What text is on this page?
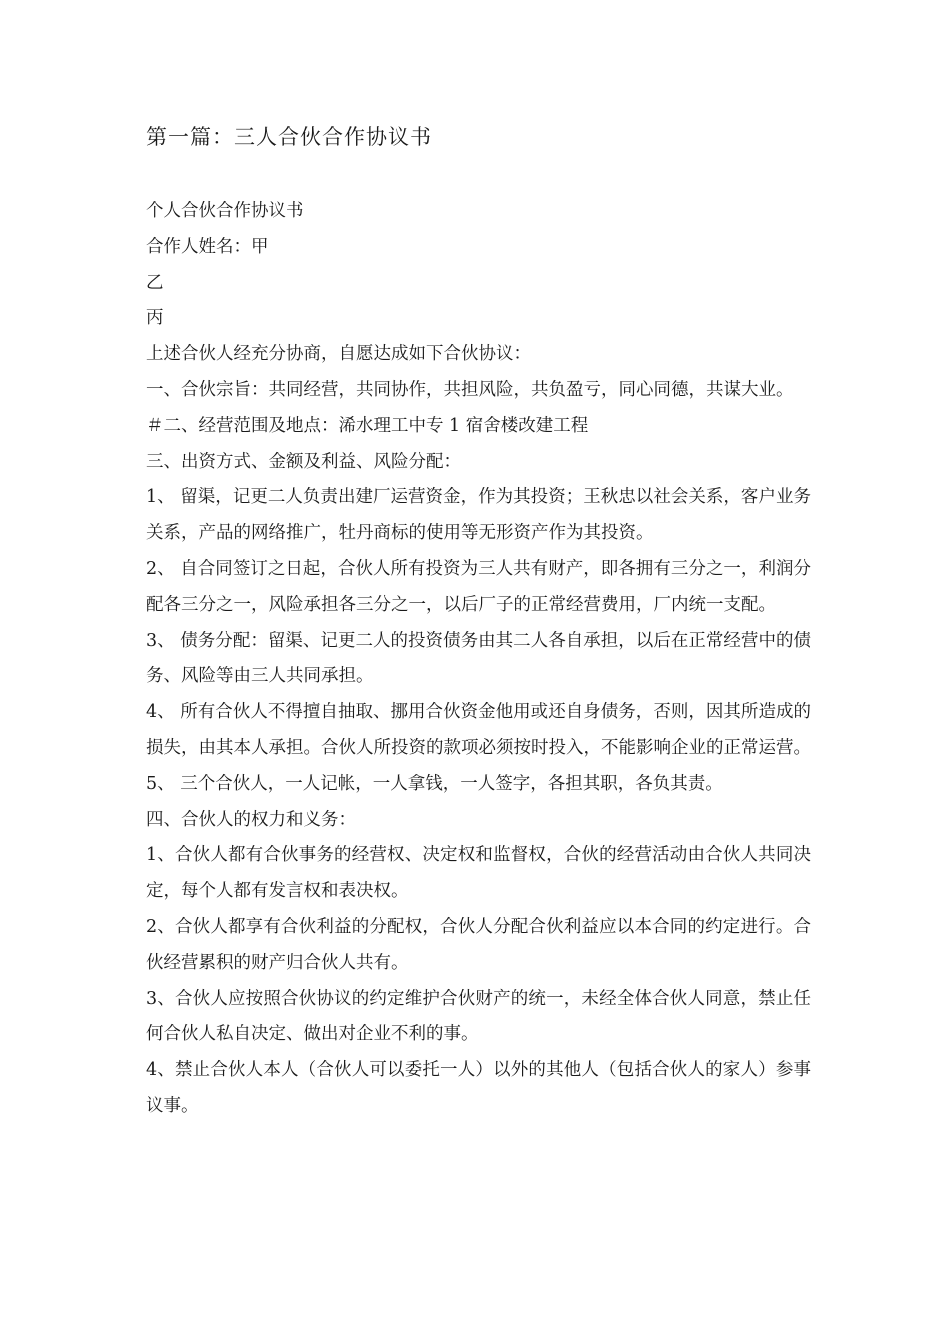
第一篇：三人合伙合作协议书

个人合伙合作协议书

合作人姓名：甲

乙

丙

上述合伙人经充分协商，自愿达成如下合伙协议：

一、合伙宗旨：共同经营，共同协作，共担风险，共负盈亏，同心同德，共谋大业。

＃二、经营范围及地点：浠水理工中专 1 宿舍楼改建工程

三、出资方式、金额及利益、风险分配：

1、 留渠，记更二人负责出建厂运营资金，作为其投资；王秋忠以社会关系，客户业务关系，产品的网络推广，牡丹商标的使用等无形资产作为其投资。

2、 自合同签订之日起，合伙人所有投资为三人共有财产，即各拥有三分之一，利润分配各三分之一，风险承担各三分之一，以后厂子的正常经营费用，厂内统一支配。

3、 债务分配：留渠、记更二人的投资债务由其二人各自承担，以后在正常经营中的债务、风险等由三人共同承担。

4、 所有合伙人不得擅自抽取、挪用合伙资金他用或还自身债务，否则，因其所造成的损失，由其本人承担。合伙人所投资的款项必须按时投入，不能影响企业的正常运营。

5、 三个合伙人，一人记帐，一人拿钱，一人签字，各担其职，各负其责。

四、合伙人的权力和义务：

1、合伙人都有合伙事务的经营权、决定权和监督权，合伙的经营活动由合伙人共同决定，每个人都有发言权和表决权。

2、合伙人都享有合伙利益的分配权，合伙人分配合伙利益应以本合同的约定进行。合伙经营累积的财产归合伙人共有。

3、合伙人应按照合伙协议的约定维护合伙财产的统一，未经全体合伙人同意，禁止任何合伙人私自决定、做出对企业不利的事。

4、禁止合伙人本人（合伙人可以委托一人）以外的其他人（包括合伙人的家人）参事 议事。
